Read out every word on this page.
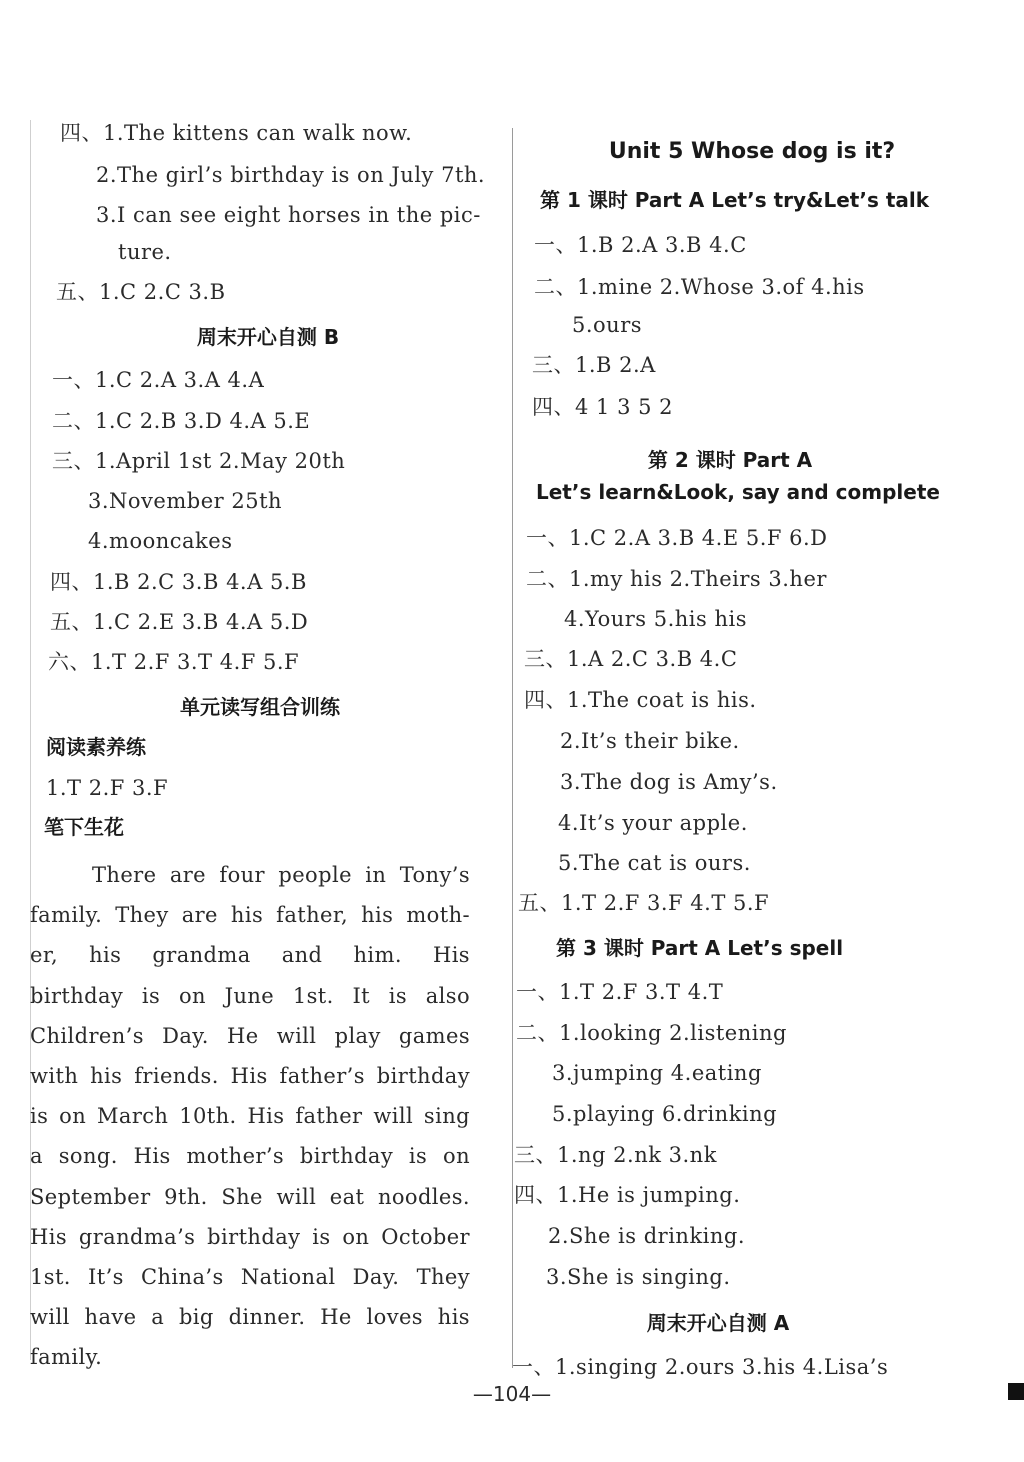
四、1.The kittens can walk now.
2.The girl’s birthday is on July 7th.
3.I can see eight horses in the pic-
ture.
五、1.C 2.C 3.B
周末开心自测 B
一、1.C 2.A 3.A 4.A
二、1.C 2.B 3.D 4.A 5.E
三、1.April 1st 2.May 20th
3.November 25th
4.mooncakes
四、1.B 2.C 3.B 4.A 5.B
五、1.C 2.E 3.B 4.A 5.D
六、1.T 2.F 3.T 4.F 5.F
单元读写组合训练
阅读素养练
1.T 2.F 3.F
笔下生花
There are four people in Tony’s
family. They are his father, his moth-
er, his grandma and him. His
birthday is on June 1st. It is also
Children’s Day. He will play games
with his friends. His father’s birthday
is on March 10th. His father will sing
a song. His mother’s birthday is on
September 9th. She will eat noodles.
His grandma’s birthday is on October
1st. It’s China’s National Day. They
will have a big dinner. He loves his
family.
Unit 5 Whose dog is it?
第 1 课时 Part A Let’s try&Let’s talk
一、1.B 2.A 3.B 4.C
二、1.mine 2.Whose 3.of 4.his
5.ours
三、1.B 2.A
四、4 1 3 5 2
第 2 课时 Part A
Let’s learn&Look, say and complete
一、1.C 2.A 3.B 4.E 5.F 6.D
二、1.my his 2.Theirs 3.her
4.Yours 5.his his
三、1.A 2.C 3.B 4.C
四、1.The coat is his.
2.It’s their bike.
3.The dog is Amy’s.
4.It’s your apple.
5.The cat is ours.
五、1.T 2.F 3.F 4.T 5.F
第 3 课时 Part A Let’s spell
一、1.T 2.F 3.T 4.T
二、1.looking 2.listening
3.jumping 4.eating
5.playing 6.drinking
三、1.ng 2.nk 3.nk
四、1.He is jumping.
2.She is drinking.
3.She is singing.
周末开心自测 A
一、1.singing 2.ours 3.his 4.Lisa’s
—104—
